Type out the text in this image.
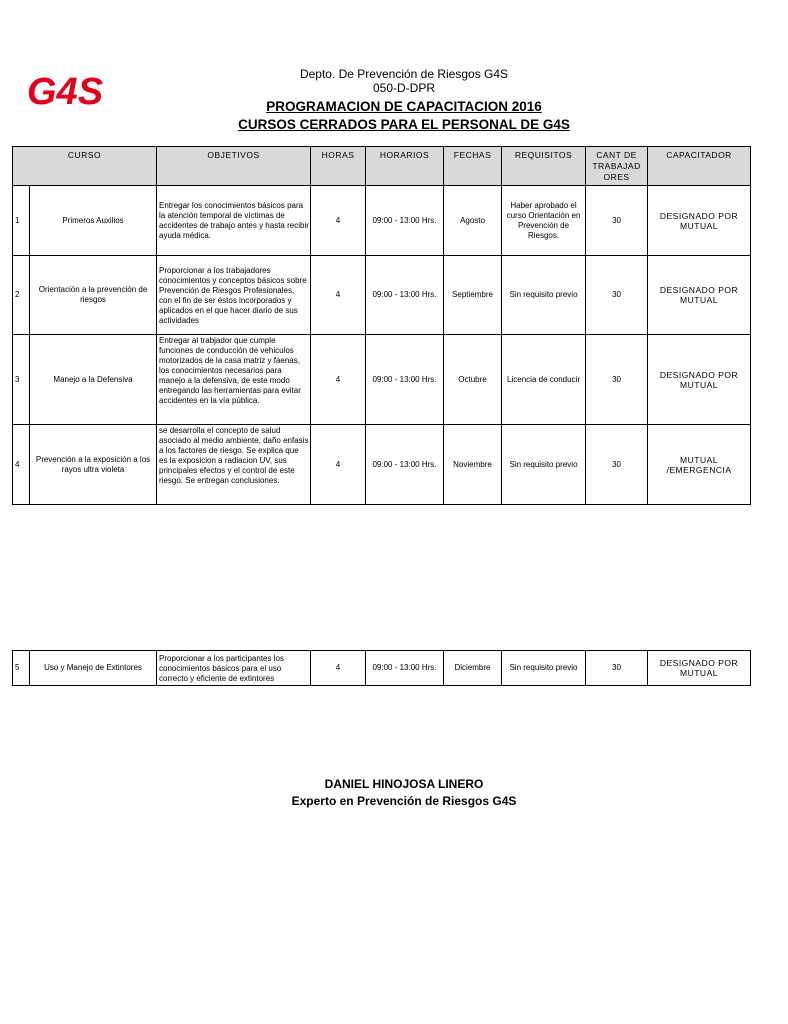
G4S	Depto. De Prevención de Riesgos G4S
050-D-DPR
PROGRAMACION DE CAPACITACION 2016
CURSOS CERRADOS PARA EL PERSONAL DE G4S
CURSO		OBJETIVOS	HORAS	HORARIOS	FECHAS	REQUISITOS	CANT DE TRABAJAD ORES	CAPACITADOR
1	Primeros Auxilios	Entregar los conocimientos básicos para la atención temporal de víctimas de accidentes de trabajo antes y hasta recibir ayuda médica.	4	09:00 - 13:00 Hrs.	Agosto	Haber aprobado el curso Orientación en Prevención de Riesgos.	30	DESIGNADO POR MUTUAL
2	Orientación a la prevención de riesgos	Proporcionar a los trabajadores conocimientos y conceptos básicos sobre Prevención de Riesgos Profesionales, con el fin de ser éstos incorporados y aplicados en el que hacer diario de sus actividades	4	09:00 - 13:00 Hrs.	Septiembre	Sin requisito previo	30	DESIGNADO POR MUTUAL
3	Manejo a la Defensiva	Entregar al trabjador que cumple funciones de conducción de vehiculos motorizados de la casa matriz y faenas, los conocimientos necesarios para manejo a la defensiva, de este modo entregando las herramientas para evitar accidentes en la vía pública.	4	09:00 - 13:00 Hrs.	Octubre	Licencia de conducir	30	DESIGNADO POR MUTUAL
4	Prevención a la exposición a los rayos ultra violeta	se desarrolla el concepto de salud asociado al medio ambiente, daño enfasis a los factores de riesgo. Se explica que es la exposicion a radiacion UV, sus principales efectos y el control de este riesgo. Se entregan conclusiones.	4	09:00 - 13:00 Hrs.	Noviembre	Sin requisito previo	30	MUTUAL /EMERGENCIA
5	Uso y Manejo de Extintores	Proporcionar a los participantes los conocimientos básicos para el uso correcto y eficiente de extintores	4	09:00 - 13:00 Hrs.	Diciembre	Sin requisito previo	30	DESIGNADO POR MUTUAL
DANIEL HINOJOSA LINERO
Experto en Prevención de Riesgos G4S
